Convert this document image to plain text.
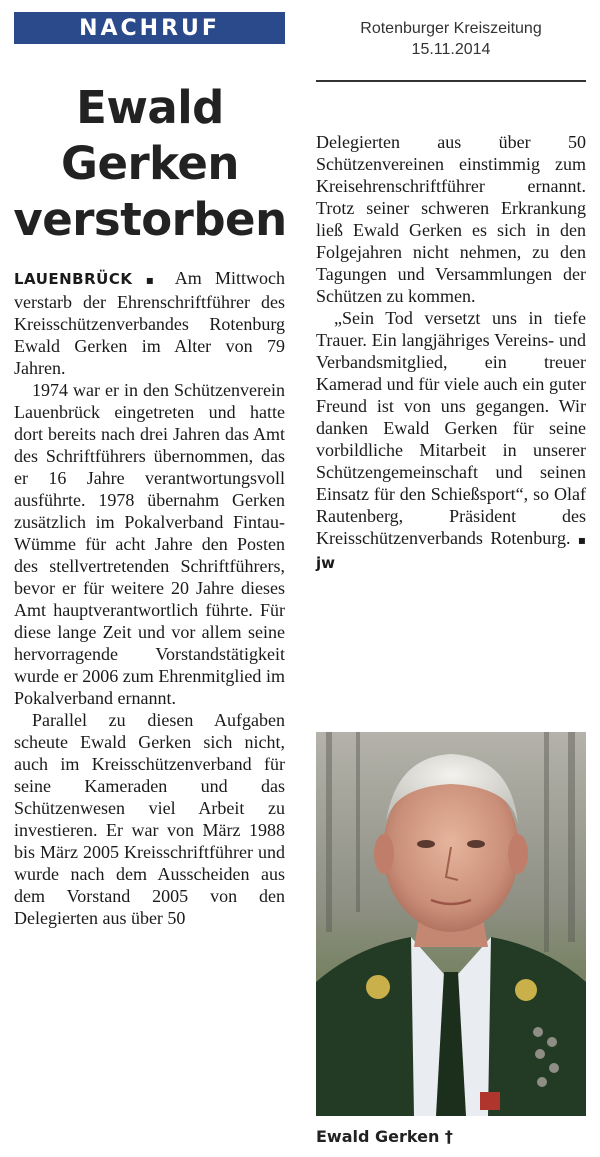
NACHRUF	Rotenburger Kreiszeitung
15.11.2014
Ewald
Gerken
verstorben

LAUENBRÜCK ▪ Am Mittwoch verstarb der Ehrenschriftführer des Kreisschützenverbandes Rotenburg Ewald Gerken im Alter von 79 Jahren.

1974 war er in den Schützenverein Lauenbrück eingetreten und hatte dort bereits nach drei Jahren das Amt des Schriftführers übernommen, das er 16 Jahre verantwortungsvoll ausführte. 1978 übernahm Gerken zusätzlich im Pokalverband Fintau-Wümme für acht Jahre den Posten des stellvertretenden Schriftführers, bevor er für weitere 20 Jahre dieses Amt hauptverantwortlich führte. Für diese lange Zeit und vor allem seine hervorragende Vorstandstätigkeit wurde er 2006 zum Ehrenmitglied im Pokalverband ernannt.

Parallel zu diesen Aufgaben scheute Ewald Gerken sich nicht, auch im Kreisschützenverband für seine Kameraden und das Schützenwesen viel Arbeit zu investieren. Er war von März 1988 bis März 2005 Kreisschriftführer und wurde nach dem Ausscheiden aus dem Vorstand 2005 von den Delegierten aus über 50

Delegierten aus über 50 Schützenvereinen einstimmig zum Kreisehrenschriftführer ernannt. Trotz seiner schweren Erkrankung ließ Ewald Gerken es sich in den Folgejahren nicht nehmen, zu den Tagungen und Versammlungen der Schützen zu kommen.

„Sein Tod versetzt uns in tiefe Trauer. Ein langjähriges Vereins- und Verbandsmitglied, ein treuer Kamerad und für viele auch ein guter Freund ist von uns gegangen. Wir danken Ewald Gerken für seine vorbildliche Mitarbeit in unserer Schützengemeinschaft und seinen Einsatz für den Schießsport“, so Olaf Rautenberg, Präsident des Kreisschützenverbands Rotenburg. ▪ jw

Ewald Gerken †
